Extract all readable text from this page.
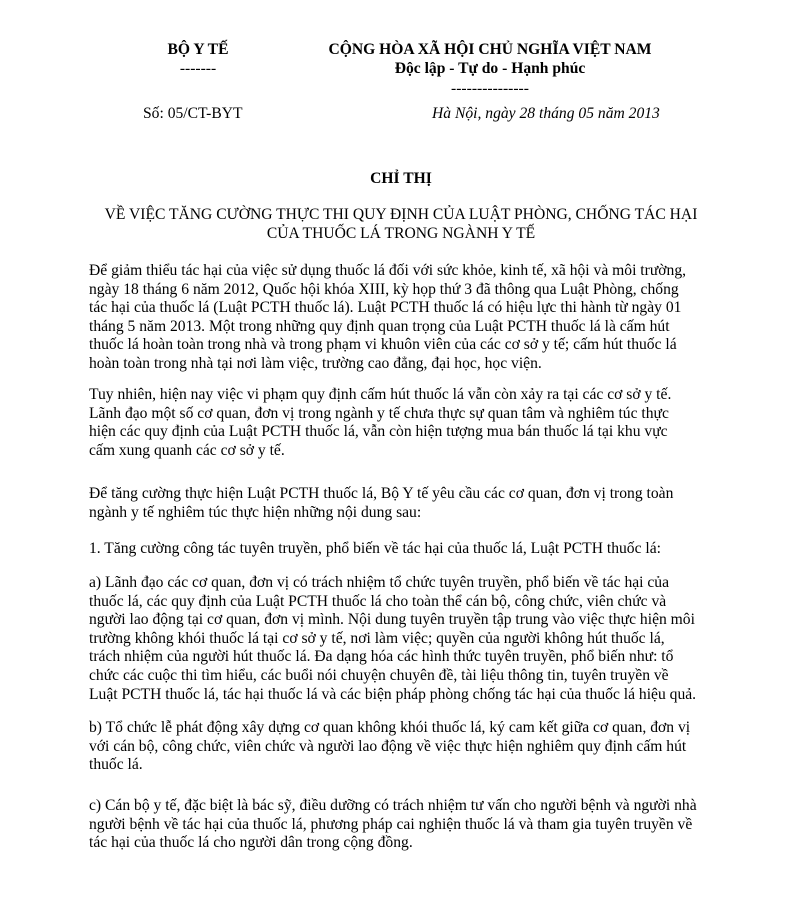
BỘ Y TẾ
-------
CỘNG HÒA XÃ HỘI CHỦ NGHĨA VIỆT NAM
Độc lập - Tự do - Hạnh phúc
---------------
Số: 05/CT-BYT	Hà Nội, ngày 28 tháng 05 năm 2013
CHỈ THỊ
VỀ VIỆC TĂNG CƯỜNG THỰC THI QUY ĐỊNH CỦA LUẬT PHÒNG, CHỐNG TÁC HẠI
CỦA THUỐC LÁ TRONG NGÀNH Y TẾ
Để giảm thiểu tác hại của việc sử dụng thuốc lá đối với sức khỏe, kinh tế, xã hội và môi trường,
ngày 18 tháng 6 năm 2012, Quốc hội khóa XIII, kỳ họp thứ 3 đã thông qua Luật Phòng, chống
tác hại của thuốc lá (Luật PCTH thuốc lá). Luật PCTH thuốc lá có hiệu lực thi hành từ ngày 01
tháng 5 năm 2013. Một trong những quy định quan trọng của Luật PCTH thuốc lá là cấm hút
thuốc lá hoàn toàn trong nhà và trong phạm vi khuôn viên của các cơ sở y tế; cấm hút thuốc lá
hoàn toàn trong nhà tại nơi làm việc, trường cao đẳng, đại học, học viện.
Tuy nhiên, hiện nay việc vi phạm quy định cấm hút thuốc lá vẫn còn xảy ra tại các cơ sở y tế.
Lãnh đạo một số cơ quan, đơn vị trong ngành y tế chưa thực sự quan tâm và nghiêm túc thực
hiện các quy định của Luật PCTH thuốc lá, vẫn còn hiện tượng mua bán thuốc lá tại khu vực
cấm xung quanh các cơ sở y tế.
Để tăng cường thực hiện Luật PCTH thuốc lá, Bộ Y tế yêu cầu các cơ quan, đơn vị trong toàn
ngành y tế nghiêm túc thực hiện những nội dung sau:
1. Tăng cường công tác tuyên truyền, phổ biến về tác hại của thuốc lá, Luật PCTH thuốc lá:
a) Lãnh đạo các cơ quan, đơn vị có trách nhiệm tổ chức tuyên truyền, phổ biến về tác hại của
thuốc lá, các quy định của Luật PCTH thuốc lá cho toàn thể cán bộ, công chức, viên chức và
người lao động tại cơ quan, đơn vị mình. Nội dung tuyên truyền tập trung vào việc thực hiện môi
trường không khói thuốc lá tại cơ sở y tế, nơi làm việc; quyền của người không hút thuốc lá,
trách nhiệm của người hút thuốc lá. Đa dạng hóa các hình thức tuyên truyền, phổ biến như: tổ
chức các cuộc thi tìm hiểu, các buổi nói chuyện chuyên đề, tài liệu thông tin, tuyên truyền về
Luật PCTH thuốc lá, tác hại thuốc lá và các biện pháp phòng chống tác hại của thuốc lá hiệu quả.
b) Tổ chức lễ phát động xây dựng cơ quan không khói thuốc lá, ký cam kết giữa cơ quan, đơn vị
với cán bộ, công chức, viên chức và người lao động về việc thực hiện nghiêm quy định cấm hút
thuốc lá.
c) Cán bộ y tế, đặc biệt là bác sỹ, điều dưỡng có trách nhiệm tư vấn cho người bệnh và người nhà
người bệnh về tác hại của thuốc lá, phương pháp cai nghiện thuốc lá và tham gia tuyên truyền về
tác hại của thuốc lá cho người dân trong cộng đồng.
